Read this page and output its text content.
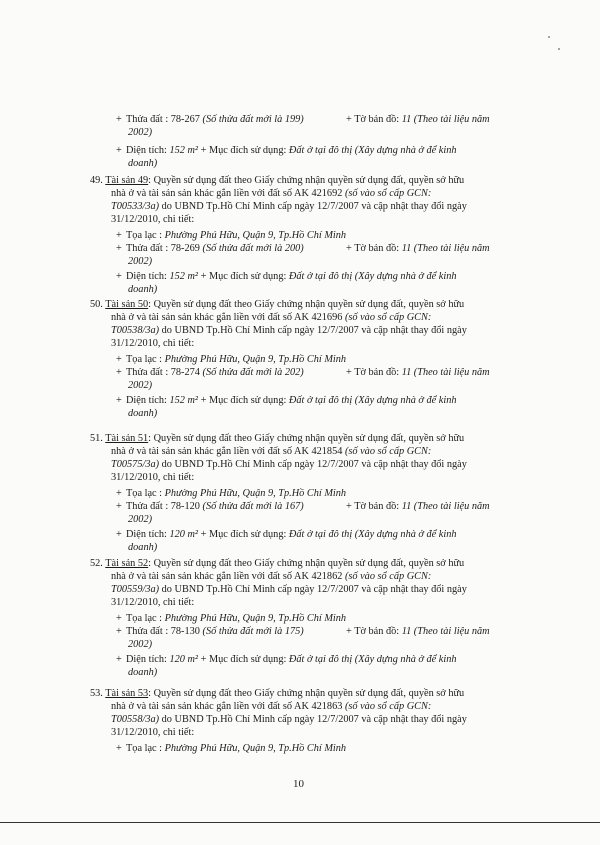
+ Thửa đất : 78-267 (Số thửa đất mới là 199)	+ Tờ bản đồ: 11 (Theo tài liệu năm
2002)
+ Diện tích: 152 m² + Mục đích sử dụng: Đất ở tại đô thị (Xây dựng nhà ở để kinh
doanh)
49. Tài sản 49: Quyền sử dụng đất theo Giấy chứng nhận quyền sử dụng đất, quyền sở hữu
nhà ở và tài sản sản khác gắn liền với đất số AK 421692 (số vào sổ cấp GCN:
T00533/3a) do UBND Tp.Hồ Chí Minh cấp ngày 12/7/2007 và cập nhật thay đổi ngày
31/12/2010, chi tiết:
+ Tọa lạc : Phường Phú Hữu, Quận 9, Tp.Hồ Chí Minh
+ Thửa đất : 78-269 (Số thửa đất mới là 200)	+ Tờ bản đồ: 11 (Theo tài liệu năm
2002)
+ Diện tích: 152 m² + Mục đích sử dụng: Đất ở tại đô thị (Xây dựng nhà ở để kinh
doanh)
50. Tài sản 50: Quyền sử dụng đất theo Giấy chứng nhận quyền sử dụng đất, quyền sở hữu
nhà ở và tài sản sản khác gắn liền với đất số AK 421696 (số vào sổ cấp GCN:
T00538/3a) do UBND Tp.Hồ Chí Minh cấp ngày 12/7/2007 và cập nhật thay đổi ngày
31/12/2010, chi tiết:
+ Tọa lạc : Phường Phú Hữu, Quận 9, Tp.Hồ Chí Minh
+ Thửa đất : 78-274 (Số thửa đất mới là 202)	+ Tờ bản đồ: 11 (Theo tài liệu năm
2002)
+ Diện tích: 152 m² + Mục đích sử dụng: Đất ở tại đô thị (Xây dựng nhà ở để kinh
doanh)
51. Tài sản 51: Quyền sử dụng đất theo Giấy chứng nhận quyền sử dụng đất, quyền sở hữu
nhà ở và tài sản sản khác gắn liền với đất số AK 421854 (số vào sổ cấp GCN:
T00575/3a) do UBND Tp.Hồ Chí Minh cấp ngày 12/7/2007 và cập nhật thay đổi ngày
31/12/2010, chi tiết:
+ Tọa lạc : Phường Phú Hữu, Quận 9, Tp.Hồ Chí Minh
+ Thửa đất : 78-120 (Số thửa đất mới là 167)	+ Tờ bản đồ: 11 (Theo tài liệu năm
2002)
+ Diện tích: 120 m² + Mục đích sử dụng: Đất ở tại đô thị (Xây dựng nhà ở để kinh
doanh)
52. Tài sản 52: Quyền sử dụng đất theo Giấy chứng nhận quyền sử dụng đất, quyền sở hữu
nhà ở và tài sản sản khác gắn liền với đất số AK 421862 (số vào sổ cấp GCN:
T00559/3a) do UBND Tp.Hồ Chí Minh cấp ngày 12/7/2007 và cập nhật thay đổi ngày
31/12/2010, chi tiết:
+ Tọa lạc : Phường Phú Hữu, Quận 9, Tp.Hồ Chí Minh
+ Thửa đất : 78-130 (Số thửa đất mới là 175)	+ Tờ bản đồ: 11 (Theo tài liệu năm
2002)
+ Diện tích: 120 m² + Mục đích sử dụng: Đất ở tại đô thị (Xây dựng nhà ở để kinh
doanh)
53. Tài sản 53: Quyền sử dụng đất theo Giấy chứng nhận quyền sử dụng đất, quyền sở hữu
nhà ở và tài sản sản khác gắn liền với đất số AK 421863 (số vào sổ cấp GCN:
T00558/3a) do UBND Tp.Hồ Chí Minh cấp ngày 12/7/2007 và cập nhật thay đổi ngày
31/12/2010, chi tiết:
+ Tọa lạc : Phường Phú Hữu, Quận 9, Tp.Hồ Chí Minh
10
